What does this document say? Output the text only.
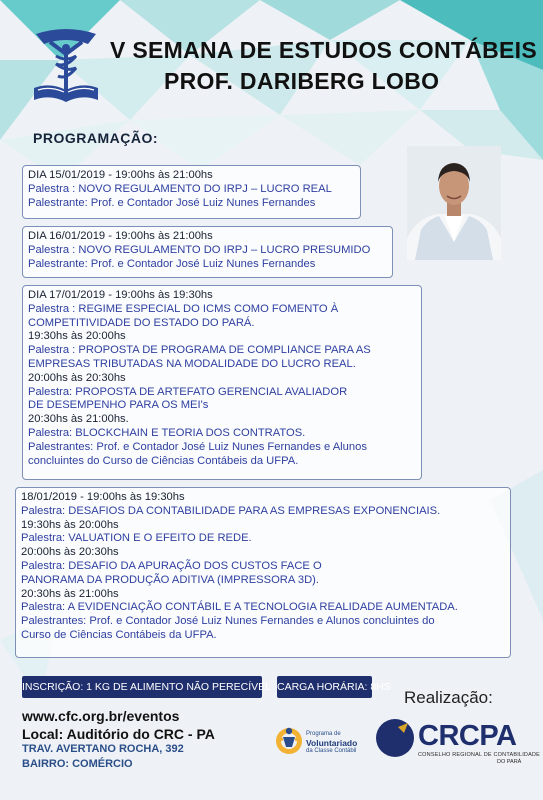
V SEMANA DE ESTUDOS CONTÁBEIS
PROF. DARIBERG LOBO
PROGRAMAÇÃO:
DIA 15/01/2019 - 19:00hs às 21:00hs
Palestra : NOVO REGULAMENTO DO IRPJ – LUCRO REAL
Palestrante: Prof. e Contador José Luiz Nunes Fernandes
DIA 16/01/2019 - 19:00hs às 21:00hs
Palestra : NOVO REGULAMENTO DO IRPJ – LUCRO PRESUMIDO
Palestrante: Prof. e Contador José Luiz Nunes Fernandes
DIA 17/01/2019 - 19:00hs às 19:30hs
Palestra : REGIME ESPECIAL DO ICMS COMO FOMENTO À
COMPETITIVIDADE DO ESTADO DO PARÁ.
19:30hs às 20:00hs
Palestra : PROPOSTA DE PROGRAMA DE COMPLIANCE PARA AS
EMPRESAS TRIBUTADAS NA MODALIDADE DO LUCRO REAL.
20:00hs às 20:30hs
Palestra: PROPOSTA DE ARTEFATO GERENCIAL AVALIADOR
DE DESEMPENHO PARA OS MEI's
20:30hs às 21:00hs.
Palestra: BLOCKCHAIN E TEORIA DOS CONTRATOS.
Palestrantes: Prof. e Contador José Luiz Nunes Fernandes e Alunos
concluintes do Curso de Ciências Contábeis da UFPA.
18/01/2019 - 19:00hs às 19:30hs
Palestra: DESAFIOS DA CONTABILIDADE PARA AS EMPRESAS EXPONENCIAIS.
19:30hs às 20:00hs
Palestra: VALUATION E O EFEITO DE REDE.
20:00hs às 20:30hs
Palestra: DESAFIO DA APURAÇÃO DOS CUSTOS FACE O
PANORAMA DA PRODUÇÃO ADITIVA (IMPRESSORA 3D).
20:30hs às 21:00hs
Palestra: A EVIDENCIAÇÃO CONTÁBIL E A TECNOLOGIA REALIDADE AUMENTADA.
Palestrantes: Prof. e Contador José Luiz Nunes Fernandes e Alunos concluintes do
Curso de Ciências Contábeis da UFPA.
INSCRIÇÃO: 1 KG DE ALIMENTO NÃO PERECÍVEL CARGA HORÁRIA: 8HS
www.cfc.org.br/eventos
Local: Auditório do CRC - PA
TRAV. AVERTANO ROCHA, 392
BAIRRO: COMÉRCIO
Realização:
Programa de
Voluntariado
da Classe Contábil CRCPA
CONSELHO REGIONAL DE CONTABILIDADE
DO PARÁ
